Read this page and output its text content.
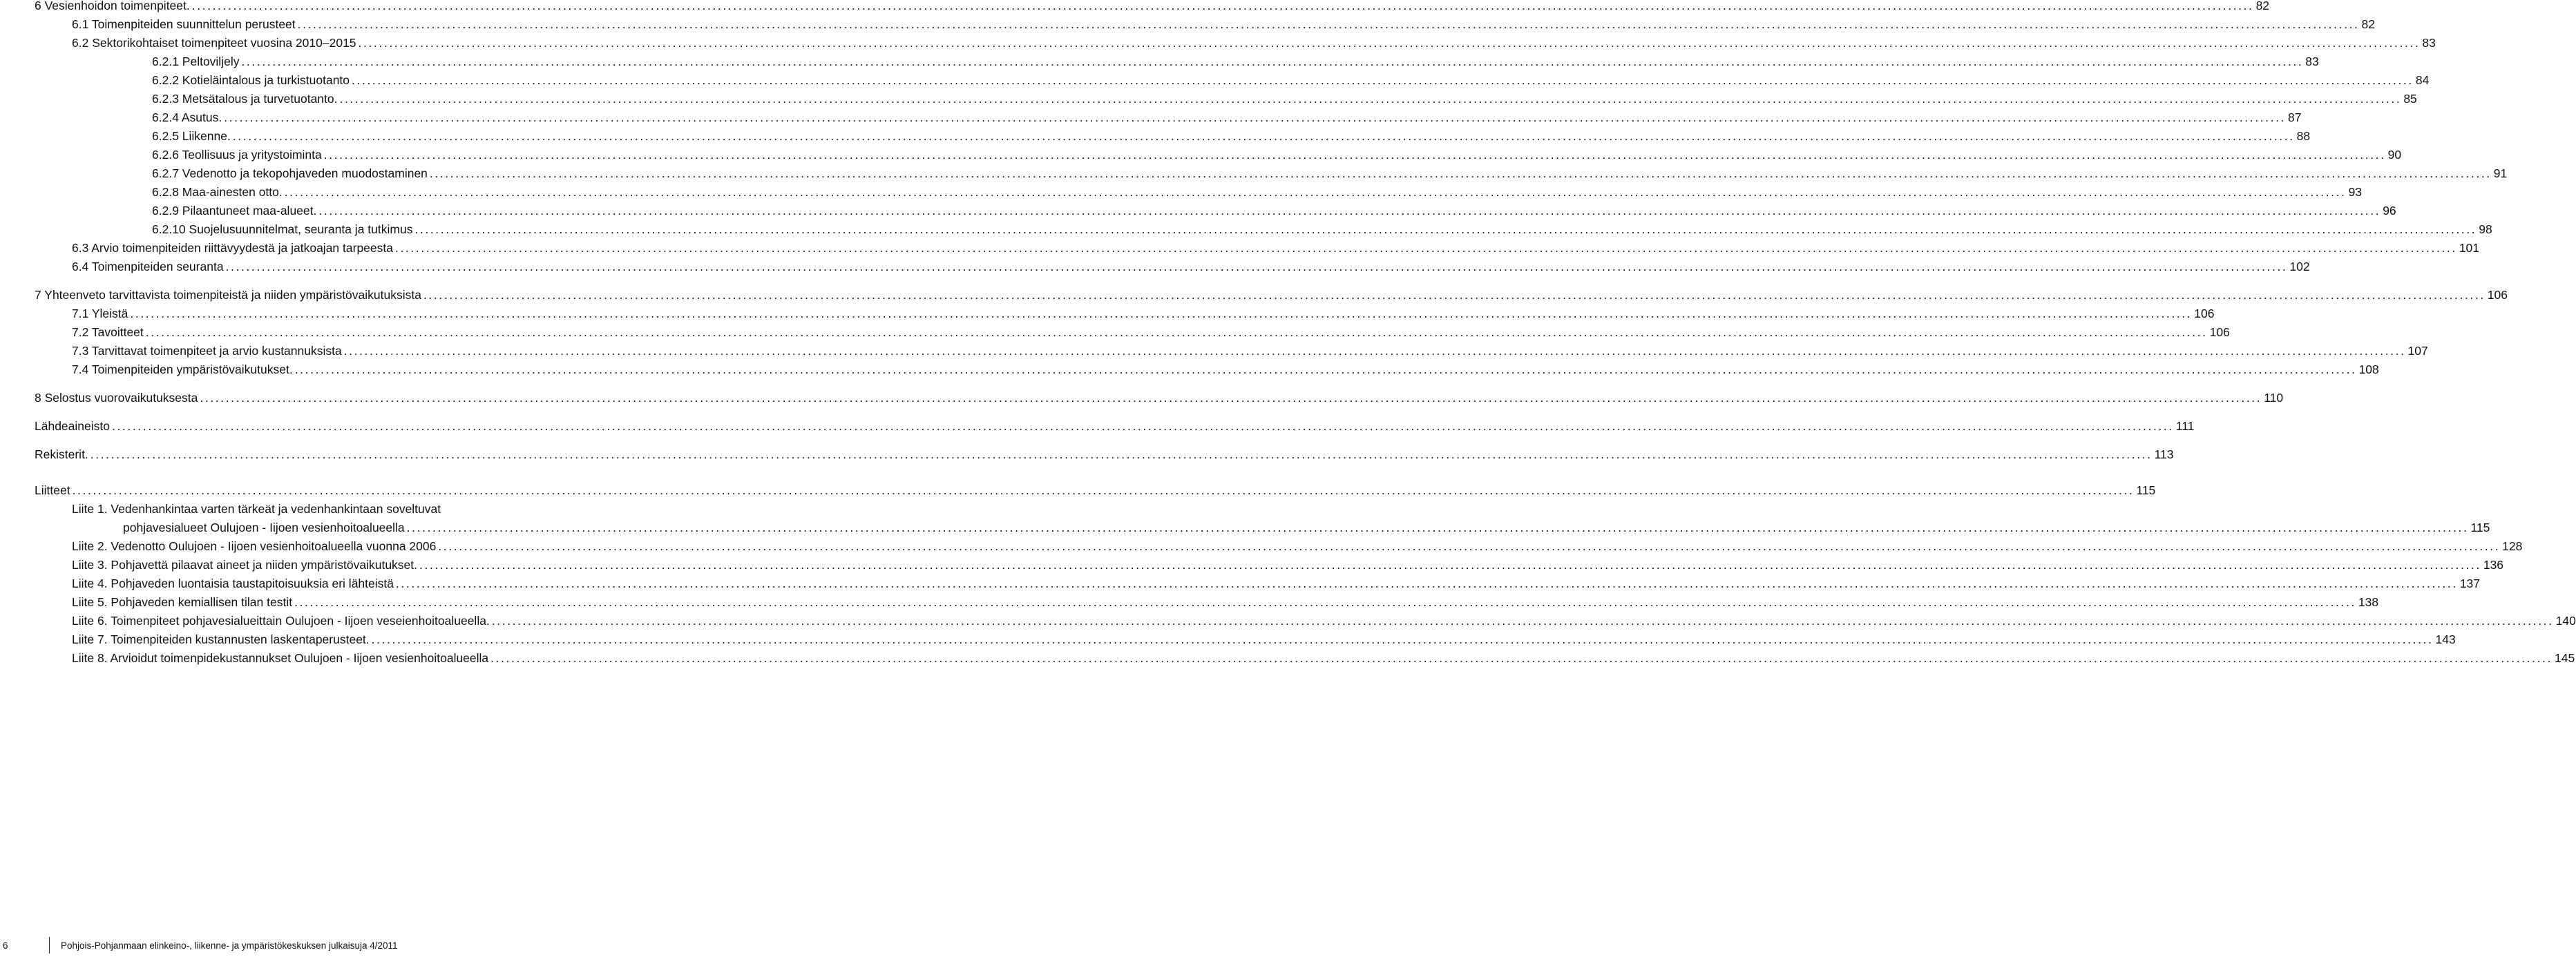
6 Vesienhoidon toimenpiteet. ................................................................................................................................................................................................................................................................................................................................................................................................................ 82
6.1 Toimenpiteiden suunnittelun perusteet ................................................................................................................................................................................................................................................................................................................................................................................................................ 82
6.2 Sektorikohtaiset toimenpiteet vuosina 2010–2015 ................................................................................................................................................................................................................................................................................................................................................................................................................ 83
6.2.1 Peltoviljely ................................................................................................................................................................................................................................................................................................................................................................................................................ 83
6.2.2 Kotieläintalous ja turkistuotanto ................................................................................................................................................................................................................................................................................................................................................................................................................ 84
6.2.3 Metsätalous ja turvetuotanto. ................................................................................................................................................................................................................................................................................................................................................................................................................ 85
6.2.4 Asutus. ................................................................................................................................................................................................................................................................................................................................................................................................................ 87
6.2.5 Liikenne. ................................................................................................................................................................................................................................................................................................................................................................................................................ 88
6.2.6 Teollisuus ja yritystoiminta ................................................................................................................................................................................................................................................................................................................................................................................................................ 90
6.2.7 Vedenotto ja tekopohjaveden muodostaminen ................................................................................................................................................................................................................................................................................................................................................................................................................ 91
6.2.8 Maa-ainesten otto. ................................................................................................................................................................................................................................................................................................................................................................................................................ 93
6.2.9 Pilaantuneet maa-alueet. ................................................................................................................................................................................................................................................................................................................................................................................................................ 96
6.2.10 Suojelusuunnitelmat, seuranta ja tutkimus ................................................................................................................................................................................................................................................................................................................................................................................................................ 98
6.3 Arvio toimenpiteiden riittävyydestä ja jatkoajan tarpeesta ................................................................................................................................................................................................................................................................................................................................................................................................................ 101
6.4 Toimenpiteiden seuranta ................................................................................................................................................................................................................................................................................................................................................................................................................ 102
7 Yhteenveto tarvittavista toimenpiteistä ja niiden ympäristövaikutuksista ................................................................................................................................................................................................................................................................................................................................................................................................................ 106
7.1 Yleistä ................................................................................................................................................................................................................................................................................................................................................................................................................ 106
7.2 Tavoitteet ................................................................................................................................................................................................................................................................................................................................................................................................................ 106
7.3 Tarvittavat toimenpiteet ja arvio kustannuksista ................................................................................................................................................................................................................................................................................................................................................................................................................ 107
7.4 Toimenpiteiden ympäristövaikutukset. ................................................................................................................................................................................................................................................................................................................................................................................................................ 108
8 Selostus vuorovaikutuksesta ................................................................................................................................................................................................................................................................................................................................................................................................................ 110
Lähdeaineisto ................................................................................................................................................................................................................................................................................................................................................................................................................ 111
Rekisterit. ................................................................................................................................................................................................................................................................................................................................................................................................................ 113
Liitteet ................................................................................................................................................................................................................................................................................................................................................................................................................ 115
Liite 1. Vedenhankintaa varten tärkeät ja vedenhankintaan soveltuvat
pohjavesialueet Oulujoen - Iijoen vesienhoitoalueella ................................................................................................................................................................................................................................................................................................................................................................................................................ 115
Liite 2. Vedenotto Oulujoen - Iijoen vesienhoitoalueella vuonna 2006 ................................................................................................................................................................................................................................................................................................................................................................................................................ 128
Liite 3. Pohjavettä pilaavat aineet ja niiden ympäristövaikutukset. ................................................................................................................................................................................................................................................................................................................................................................................................................ 136
Liite 4. Pohjaveden luontaisia taustapitoisuuksia eri lähteistä ................................................................................................................................................................................................................................................................................................................................................................................................................ 137
Liite 5. Pohjaveden kemiallisen tilan testit ................................................................................................................................................................................................................................................................................................................................................................................................................ 138
Liite 6. Toimenpiteet pohjavesialueittain Oulujoen - Iijoen veseienhoitoalueella. ................................................................................................................................................................................................................................................................................................................................................................................................................ 140
Liite 7. Toimenpiteiden kustannusten laskentaperusteet. ................................................................................................................................................................................................................................................................................................................................................................................................................ 143
Liite 8. Arvioidut toimenpidekustannukset Oulujoen - Iijoen vesienhoitoalueella ................................................................................................................................................................................................................................................................................................................................................................................................................ 145
6	Pohjois-Pohjanmaan elinkeino-, liikenne- ja ympäristökeskuksen julkaisuja 4/2011
